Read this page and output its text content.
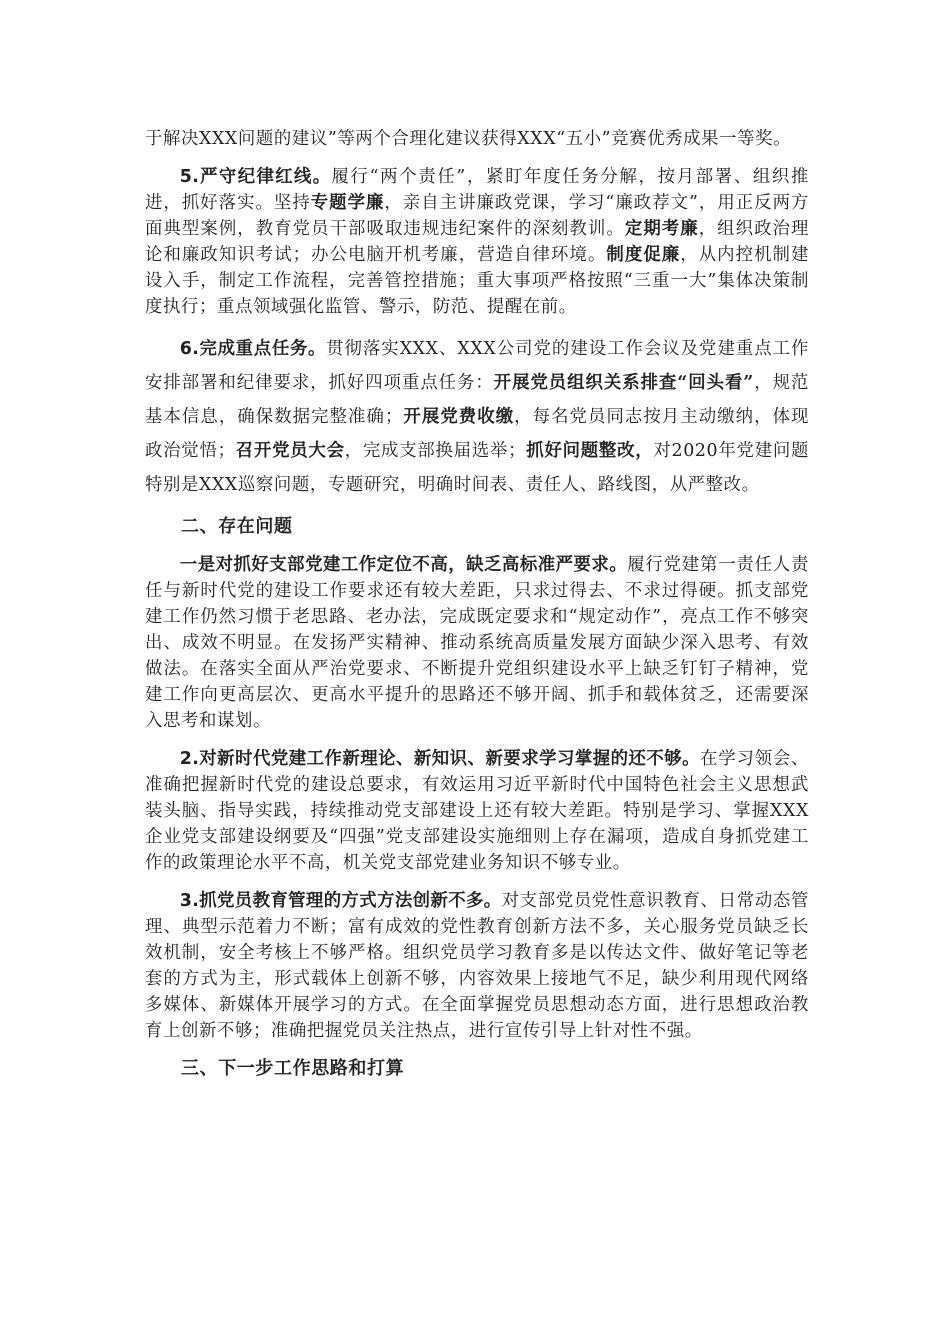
于解决XXX问题的建议”等两个合理化建议获得XXX“五小”竞赛优秀成果一等奖。

5.严守纪律红线。履行“两个责任”，紧盯年度任务分解，按月部署、组织推进，抓好落实。坚持专题学廉，亲自主讲廉政党课，学习“廉政荐文”，用正反两方面典型案例，教育党员干部吸取违规违纪案件的深刻教训。定期考廉，组织政治理论和廉政知识考试；办公电脑开机考廉，营造自律环境。制度促廉，从内控机制建设入手，制定工作流程，完善管控措施；重大事项严格按照“三重一大”集体决策制度执行；重点领域强化监管、警示，防范、提醒在前。

6.完成重点任务。贯彻落实XXX、XXX公司党的建设工作会议及党建重点工作安排部署和纪律要求，抓好四项重点任务：开展党员组织关系排查“回头看”，规范基本信息，确保数据完整准确；开展党费收缴，每名党员同志按月主动缴纳，体现政治觉悟；召开党员大会，完成支部换届选举；抓好问题整改，对2020年党建问题特别是XXX巡察问题，专题研究，明确时间表、责任人、路线图，从严整改。

二、存在问题

一是对抓好支部党建工作定位不高，缺乏高标准严要求。履行党建第一责任人责任与新时代党的建设工作要求还有较大差距，只求过得去、不求过得硬。抓支部党建工作仍然习惯于老思路、老办法，完成既定要求和“规定动作”，亮点工作不够突出、成效不明显。在发扬严实精神、推动系统高质量发展方面缺少深入思考、有效做法。在落实全面从严治党要求、不断提升党组织建设水平上缺乏钉钉子精神，党建工作向更高层次、更高水平提升的思路还不够开阔、抓手和载体贫乏，还需要深入思考和谋划。

2.对新时代党建工作新理论、新知识、新要求学习掌握的还不够。在学习领会、准确把握新时代党的建设总要求，有效运用习近平新时代中国特色社会主义思想武装头脑、指导实践，持续推动党支部建设上还有较大差距。特别是学习、掌握XXX企业党支部建设纲要及“四强”党支部建设实施细则上存在漏项，造成自身抓党建工作的政策理论水平不高，机关党支部党建业务知识不够专业。

3.抓党员教育管理的方式方法创新不多。对支部党员党性意识教育、日常动态管理、典型示范着力不断；富有成效的党性教育创新方法不多，关心服务党员缺乏长效机制，安全考核上不够严格。组织党员学习教育多是以传达文件、做好笔记等老套的方式为主，形式载体上创新不够，内容效果上接地气不足，缺少利用现代网络多媒体、新媒体开展学习的方式。在全面掌握党员思想动态方面，进行思想政治教育上创新不够；准确把握党员关注热点，进行宣传引导上针对性不强。

三、下一步工作思路和打算
